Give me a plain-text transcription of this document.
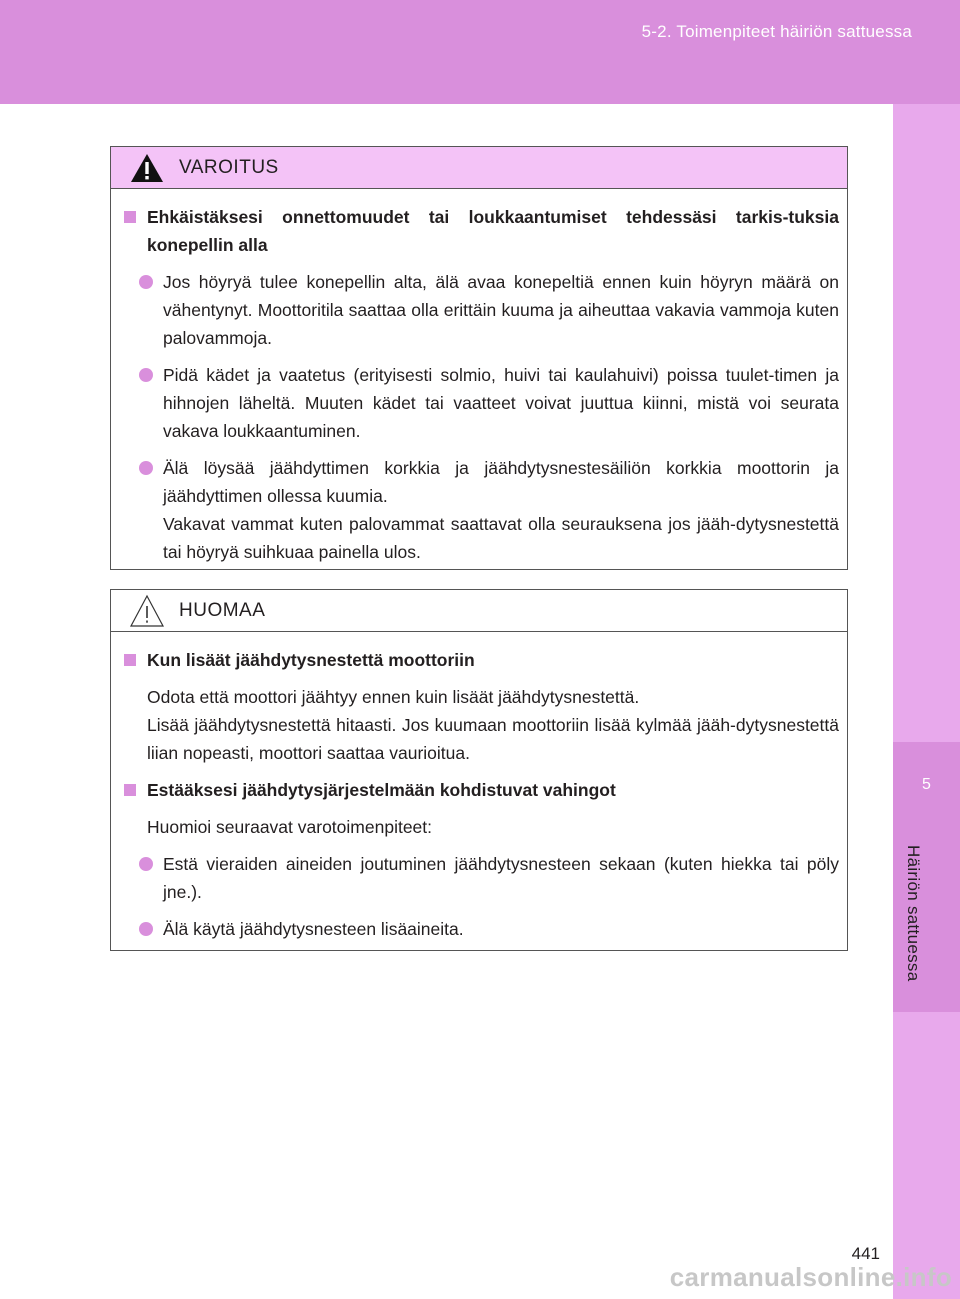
5-2. Toimenpiteet häiriön sattuessa
5
Häiriön sattuessa
VAROITUS
Ehkäistäksesi onnettomuudet tai loukkaantumiset tehdessäsi tarkis-tuksia konepellin alla
Jos höyryä tulee konepellin alta, älä avaa konepeltiä ennen kuin höyryn määrä on vähentynyt. Moottoritila saattaa olla erittäin kuuma ja aiheuttaa vakavia vammoja kuten palovammoja.
Pidä kädet ja vaatetus (erityisesti solmio, huivi tai kaulahuivi) poissa tuulet-timen ja hihnojen läheltä. Muuten kädet tai vaatteet voivat juuttua kiinni, mistä voi seurata vakava loukkaantuminen.
Älä löysää jäähdyttimen korkkia ja jäähdytysnestesäiliön korkkia moottorin ja jäähdyttimen ollessa kuumia.
Vakavat vammat kuten palovammat saattavat olla seurauksena jos jääh-dytysnestettä tai höyryä suihkuaa painella ulos.
HUOMAA
Kun lisäät jäähdytysnestettä moottoriin
Odota että moottori jäähtyy ennen kuin lisäät jäähdytysnestettä.
Lisää jäähdytysnestettä hitaasti. Jos kuumaan moottoriin lisää kylmää jääh-dytysnestettä liian nopeasti, moottori saattaa vaurioitua.
Estääksesi jäähdytysjärjestelmään kohdistuvat vahingot
Huomioi seuraavat varotoimenpiteet:
Estä vieraiden aineiden joutuminen jäähdytysnesteen sekaan (kuten hiekka tai pöly jne.).
Älä käytä jäähdytysnesteen lisäaineita.
441
carmanualsonline.info
